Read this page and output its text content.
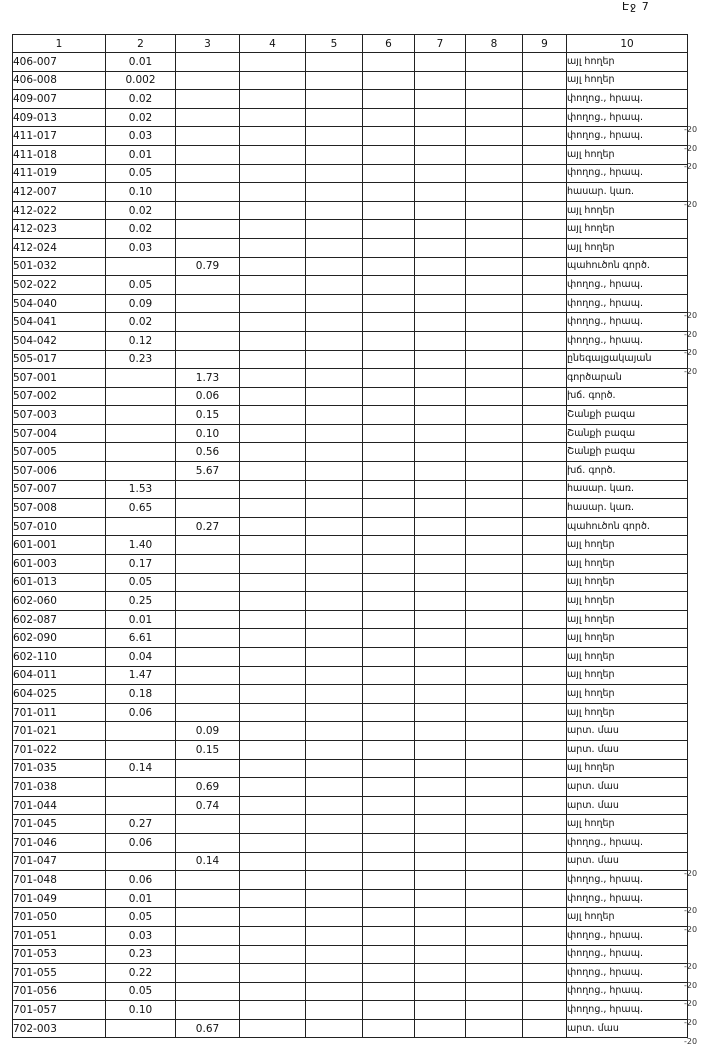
Էջ 7
1	2	3	4	5	6	7	8	9	10
406-007	0.01								այլ հողեր
406-008	0.002								այլ հողեր
409-007	0.02								փողոց., հրապ.
409-013	0.02								փողոց., հրապ.
411-017	0.03								փողոց., հրապ.
411-018	0.01								այլ հողեր
411-019	0.05								փողոց., հրապ.
412-007	0.10								հասար. կառ.
412-022	0.02								այլ հողեր
412-023	0.02								այլ հողեր
412-024	0.03								այլ հողեր
501-032		0.79							պահուծոն գործ.
502-022	0.05								փողոց., հրապ.
504-040	0.09								փողոց., հրապ.
504-041	0.02								փողոց., հրապ.
504-042	0.12								փողոց., հրապ.
505-017	0.23								ընեգալցակայան
507-001		1.73							գործարան
507-002		0.06							խճ. գործ.
507-003		0.15							Շանքի բազա
507-004		0.10							Շանքի բազա
507-005		0.56							Շանքի բազա
507-006		5.67							խճ. գործ.
507-007	1.53								հասար. կառ.
507-008	0.65								հասար. կառ.
507-010		0.27							պահուծոն գործ.
601-001	1.40								այլ հողեր
601-003	0.17								այլ հողեր
601-013	0.05								այլ հողեր
602-060	0.25								այլ հողեր
602-087	0.01								այլ հողեր
602-090	6.61								այլ հողեր
602-110	0.04								այլ հողեր
604-011	1.47								այլ հողեր
604-025	0.18								այլ հողեր
701-011	0.06								այլ հողեր
701-021		0.09							արտ. մաս
701-022		0.15							արտ. մաս
701-035	0.14								այլ հողեր
701-038		0.69							արտ. մաս
701-044		0.74							արտ. մաս
701-045	0.27								այլ հողեր
701-046	0.06								փողոց., հրապ.
701-047		0.14							արտ. մաս
701-048	0.06								փողոց., հրապ.
701-049	0.01								փողոց., հրապ.
701-050	0.05								այլ հողեր
701-051	0.03								փողոց., հրապ.
701-053	0.23								փողոց., հրապ.
701-055	0.22								փողոց., հրապ.
701-056	0.05								փողոց., հրապ.
701-057	0.10								փողոց., հրապ.
702-003		0.67							արտ. մաս
-20
-20
-20
-20
-20
-20
-20
-20
-20
-20
-20
-20
-20
-20
-20
-20
